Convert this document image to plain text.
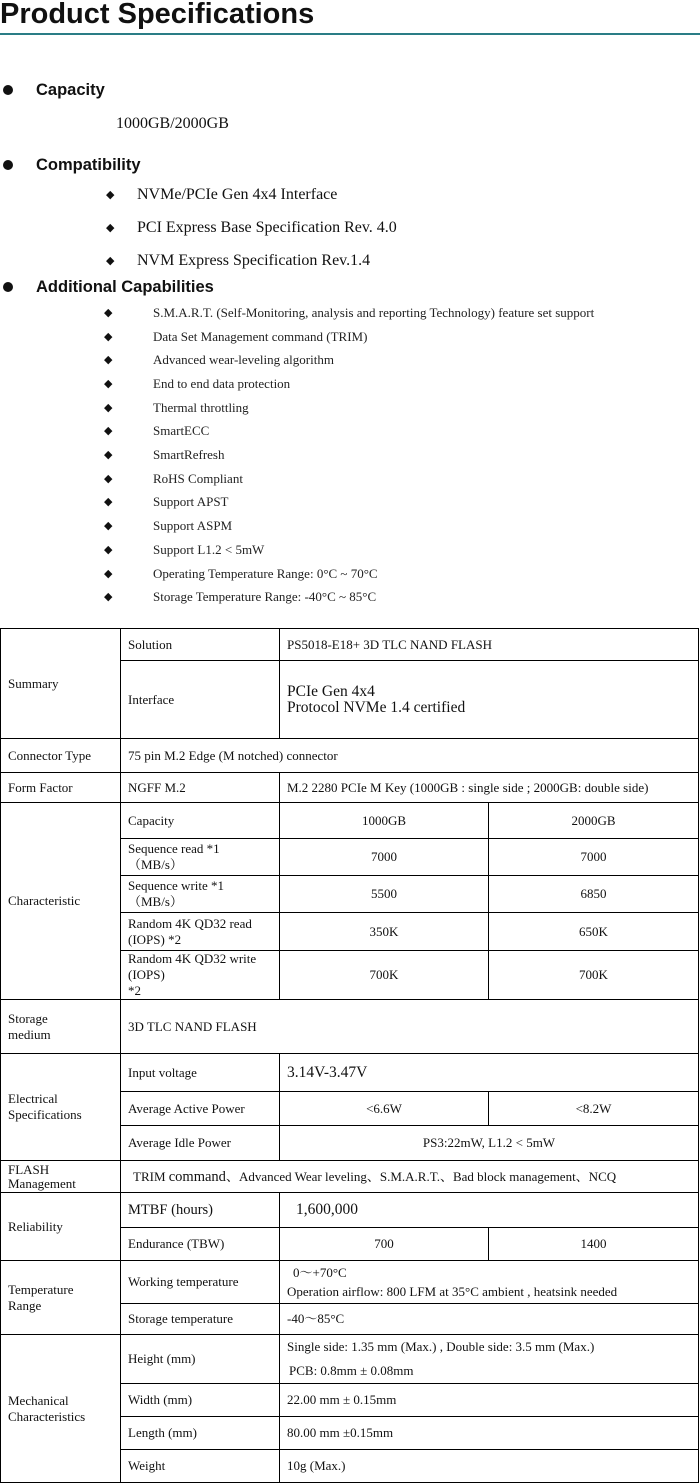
Product Specifications
Capacity
1000GB/2000GB
Compatibility
◆ NVMe/PCIe Gen 4x4 Interface
◆ PCI Express Base Specification Rev. 4.0
◆ NVM Express Specification Rev.1.4
Additional Capabilities
◆	S.M.A.R.T. (Self-Monitoring, analysis and reporting Technology) feature set support
◆	Data Set Management command (TRIM)
◆	Advanced wear-leveling algorithm
◆	End to end data protection
◆	Thermal throttling
◆	SmartECC
◆	SmartRefresh
◆	RoHS Compliant
◆	Support APST
◆	Support ASPM
◆	Support L1.2 < 5mW
◆	Operating Temperature Range: 0°C ~ 70°C
◆	Storage Temperature Range: -40°C ~ 85°C
Summary	Solution	PS5018-E18+ 3D TLC NAND FLASH	
	Interface	PCIe Gen 4x4
Protocol NVMe 1.4 certified	
Connector Type	75 pin M.2 Edge (M notched) connector		
Form Factor	NGFF M.2	M.2 2280 PCIe M Key (1000GB : single side ; 2000GB: double side)	
Characteristic	Capacity	1000GB	2000GB
	Sequence read *1
（MB/s）	7000	7000
	Sequence write *1
（MB/s）	5500	6850
	Random 4K QD32 read
(IOPS) *2	350K	650K
	Random 4K QD32 write
(IOPS)
*2	700K	700K
Storage
medium	3D TLC NAND FLASH		
Electrical
Specifications	Input voltage	3.14V-3.47V	
	Average Active Power	<6.6W	<8.2W
	Average Idle Power	PS3:22mW, L1.2 < 5mW	
FLASH
Management	TRIM command、Advanced Wear leveling、S.M.A.R.T.、Bad block management、NCQ		
Reliability	MTBF (hours)	1,600,000	
	Endurance (TBW)	700	1400
Temperature
Range	Working temperature	0～+70°C
Operation airflow: 800 LFM at 35°C ambient , heatsink needed	
	Storage temperature	-40～85°C	
Mechanical
Characteristics	Height (mm)	Single side: 1.35 mm (Max.) , Double side: 3.5 mm (Max.)
PCB: 0.8mm ± 0.08mm	
	Width (mm)	22.00 mm ± 0.15mm	
	Length (mm)	80.00 mm ±0.15mm	
	Weight	10g (Max.)	
